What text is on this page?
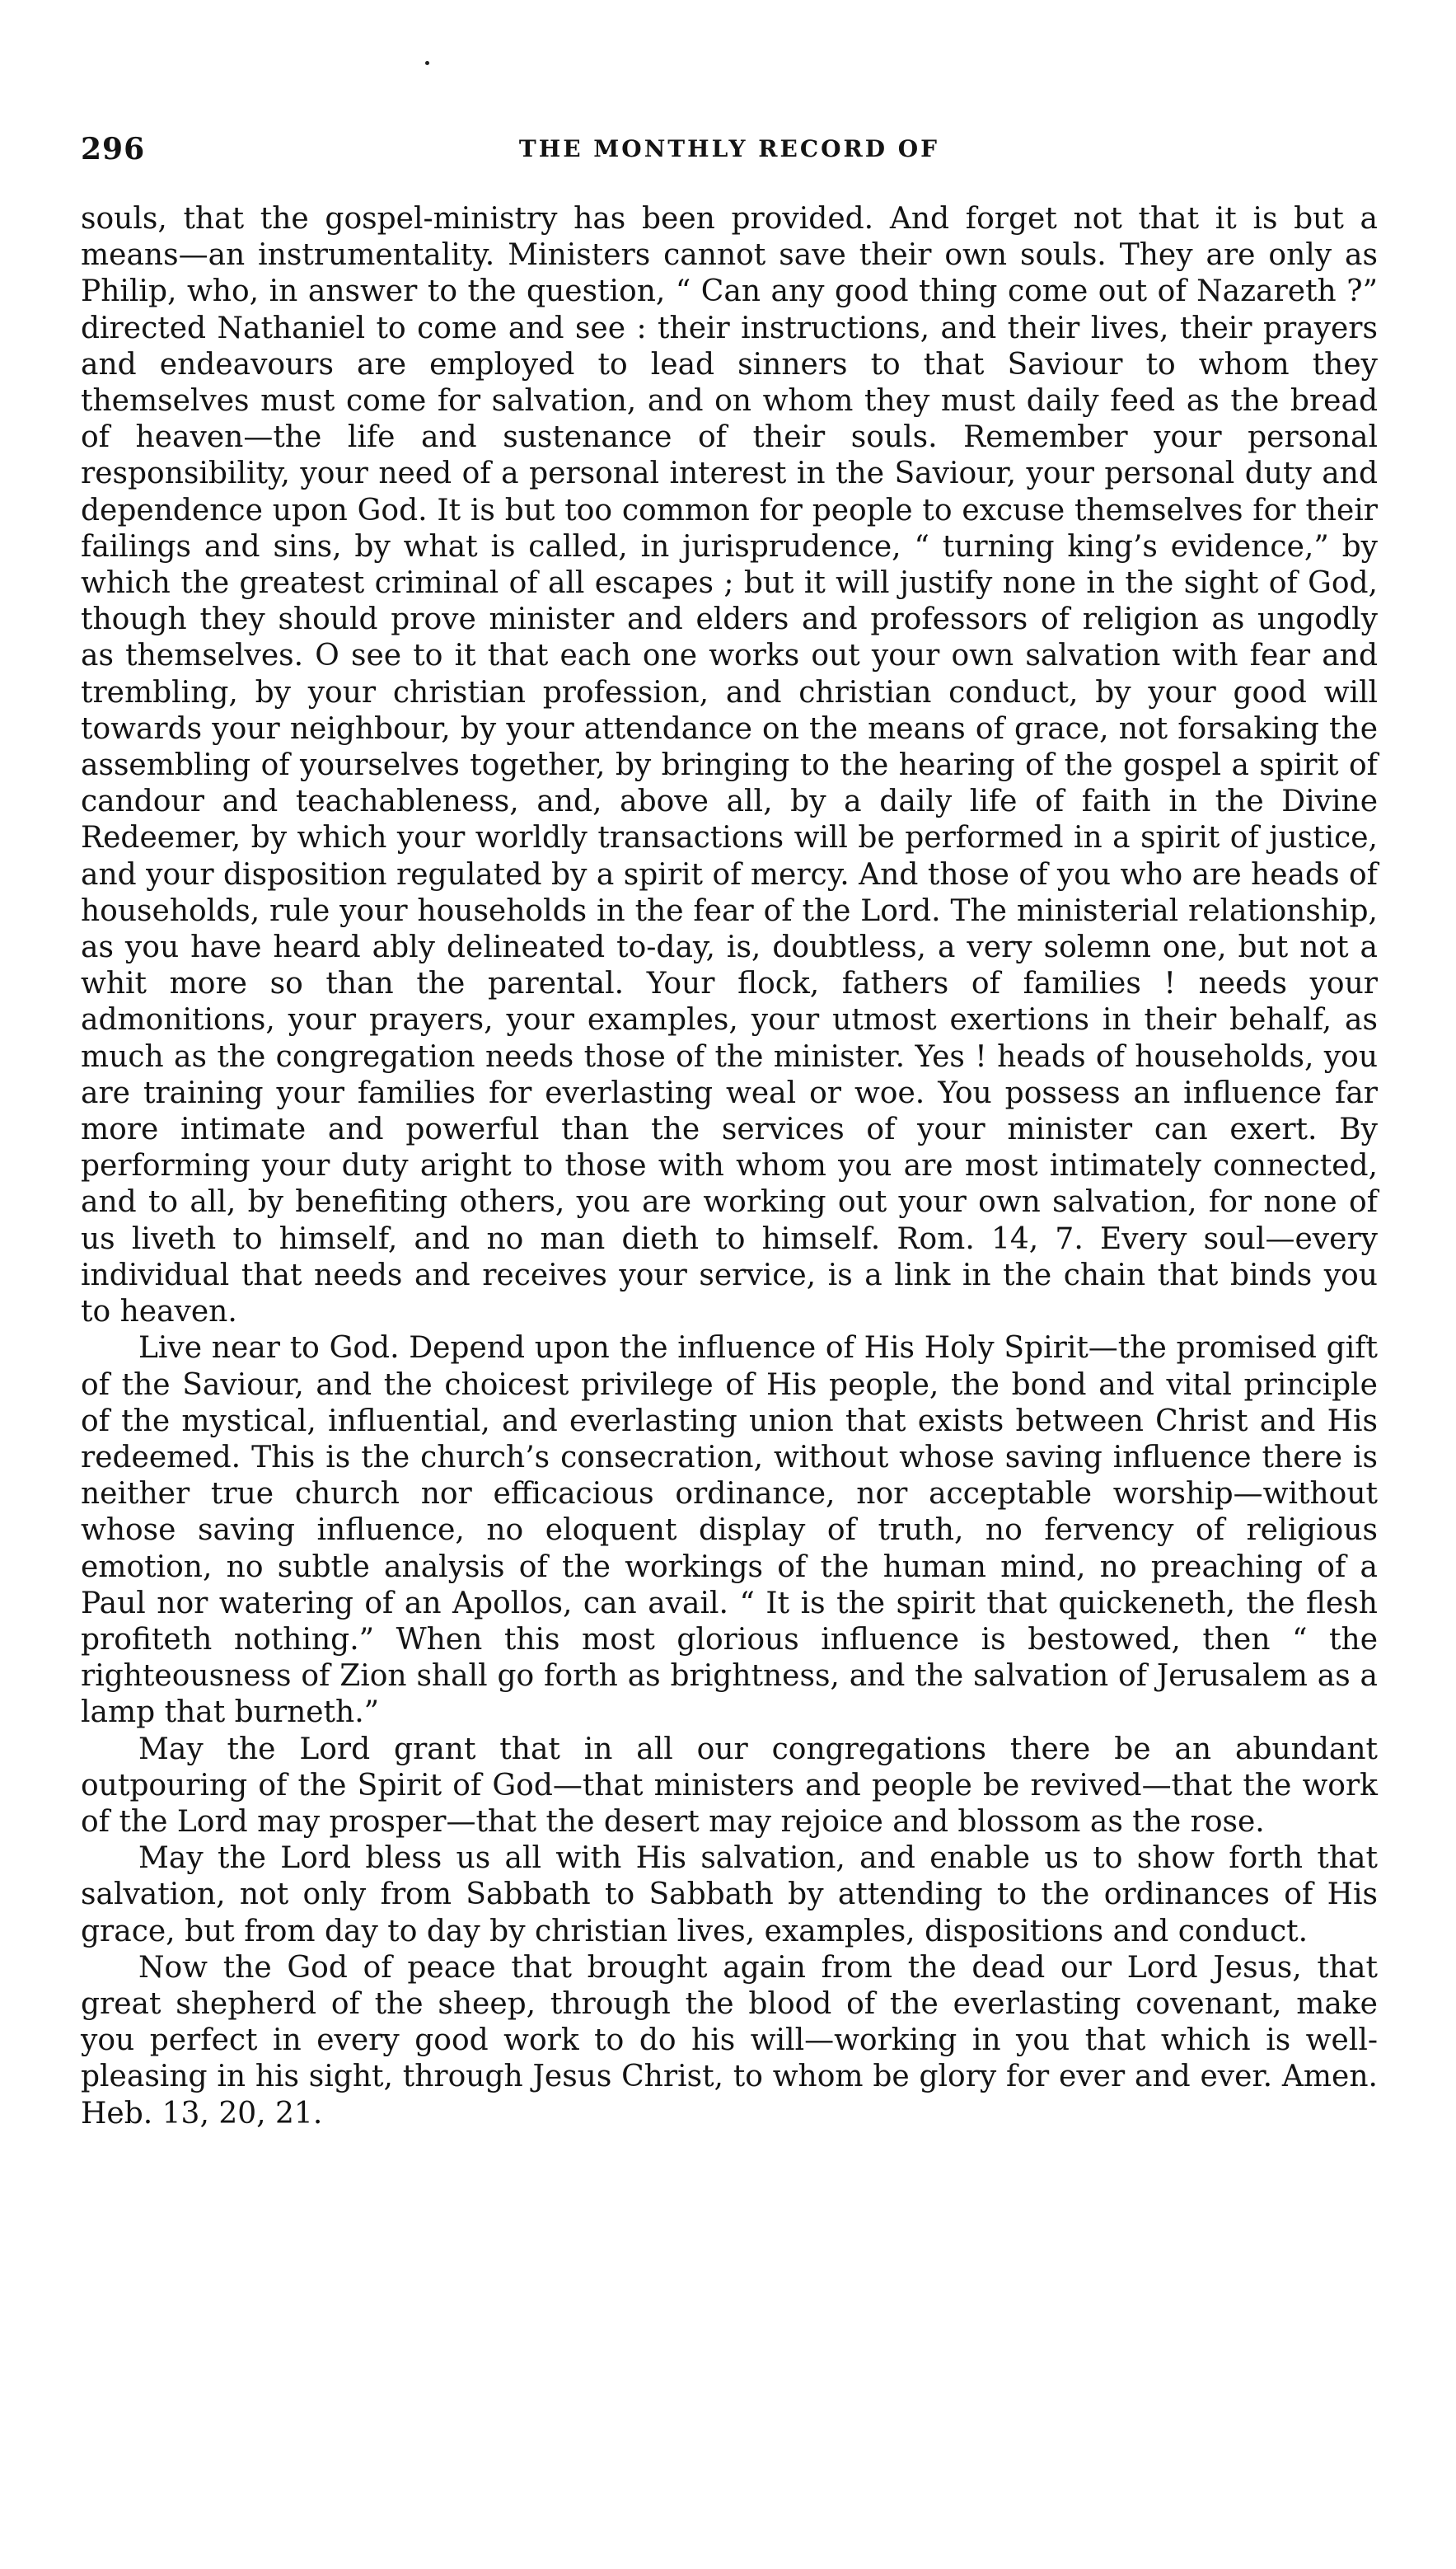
296	THE MONTHLY RECORD OF

souls, that the gospel-ministry has been provided. And forget not that it is but a means—an instrumentality. Ministers cannot save their own souls. They are only as Philip, who, in answer to the question, “ Can any good thing come out of Nazareth ?” directed Nathaniel to come and see : their instructions, and their lives, their prayers and endeavours are employed to lead sinners to that Saviour to whom they themselves must come for salvation, and on whom they must daily feed as the bread of heaven—the life and sustenance of their souls. Remember your personal responsibility, your need of a personal interest in the Saviour, your personal duty and dependence upon God. It is but too common for people to excuse themselves for their failings and sins, by what is called, in jurisprudence, “ turning king’s evidence,” by which the greatest criminal of all escapes ; but it will justify none in the sight of God, though they should prove minister and elders and professors of religion as ungodly as themselves. O see to it that each one works out your own salvation with fear and trembling, by your christian profession, and christian conduct, by your good will towards your neighbour, by your attendance on the means of grace, not forsaking the assembling of yourselves together, by bringing to the hearing of the gospel a spirit of candour and teachableness, and, above all, by a daily life of faith in the Divine Redeemer, by which your worldly transactions will be performed in a spirit of justice, and your disposition regulated by a spirit of mercy. And those of you who are heads of households, rule your households in the fear of the Lord. The ministerial relationship, as you have heard ably delineated to-day, is, doubtless, a very solemn one, but not a whit more so than the parental. Your flock, fathers of families ! needs your admonitions, your prayers, your examples, your utmost exertions in their behalf, as much as the congregation needs those of the minister. Yes ! heads of households, you are training your families for everlasting weal or woe. You possess an influence far more intimate and powerful than the services of your minister can exert. By performing your duty aright to those with whom you are most intimately connected, and to all, by benefiting others, you are working out your own salvation, for none of us liveth to himself, and no man dieth to himself. Rom. 14, 7. Every soul—every individual that needs and receives your service, is a link in the chain that binds you to heaven.

Live near to God. Depend upon the influence of His Holy Spirit—the promised gift of the Saviour, and the choicest privilege of His people, the bond and vital principle of the mystical, influential, and everlasting union that exists between Christ and His redeemed. This is the church’s consecration, without whose saving influence there is neither true church nor efficacious ordinance, nor acceptable worship—without whose saving influence, no eloquent display of truth, no fervency of religious emotion, no subtle analysis of the workings of the human mind, no preaching of a Paul nor watering of an Apollos, can avail. “ It is the spirit that quickeneth, the flesh profiteth nothing.” When this most glorious influence is bestowed, then “ the righteousness of Zion shall go forth as brightness, and the salvation of Jerusalem as a lamp that burneth.”

May the Lord grant that in all our congregations there be an abundant outpouring of the Spirit of God—that ministers and people be revived—that the work of the Lord may prosper—that the desert may rejoice and blossom as the rose.

May the Lord bless us all with His salvation, and enable us to show forth that salvation, not only from Sabbath to Sabbath by attending to the ordinances of His grace, but from day to day by christian lives, examples, dispositions and conduct.

Now the God of peace that brought again from the dead our Lord Jesus, that great shepherd of the sheep, through the blood of the everlasting covenant, make you perfect in every good work to do his will—working in you that which is well-pleasing in his sight, through Jesus Christ, to whom be glory for ever and ever. Amen. Heb. 13, 20, 21.
